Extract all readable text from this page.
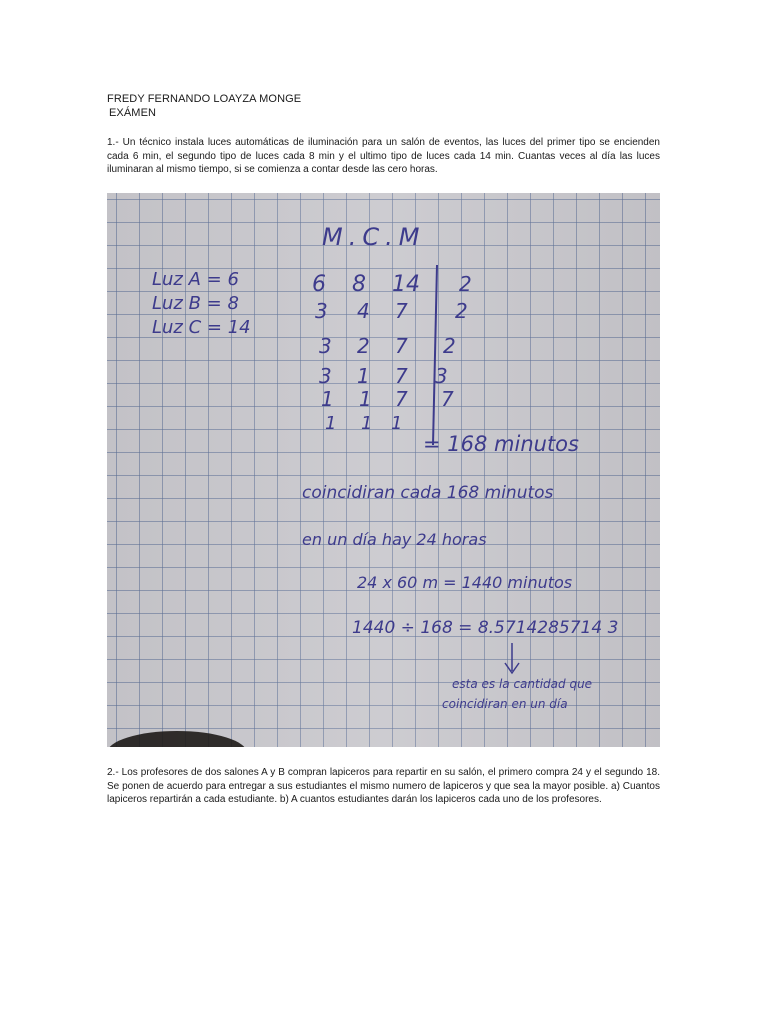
FREDY FERNANDO LOAYZA MONGE
EXÁMEN
1.- Un técnico instala luces automáticas de iluminación para un salón de eventos, las luces del primer tipo se encienden cada 6 min, el segundo tipo de luces cada 8 min y el ultimo tipo de luces cada 14 min. Cuantas veces al día las luces iluminaran al mismo tiempo, si se comienza a contar desde las cero horas.
M.C.M
Luz A = 6
Luz B = 8
Luz C = 14
6 8 14
3 4 7
3 2 7
3 1 7
1 1 7
1 1 1
2
2
2
3
7
= 168 minutos
coincidiran cada 168 minutos
en un día hay 24 horas
24 x 60 m = 1440 minutos
1440 ÷ 168 = 8.5714285714 3
esta es la cantidad que
coincidiran en un día
2.- Los profesores de dos salones A y B compran lapiceros para repartir en su salón, el primero compra 24 y el segundo 18. Se ponen de acuerdo para entregar a sus estudiantes el mismo numero de lapiceros y que sea la mayor posible. a) Cuantos lapiceros repartirán a cada estudiante. b) A cuantos estudiantes darán los lapiceros cada uno de los profesores.
